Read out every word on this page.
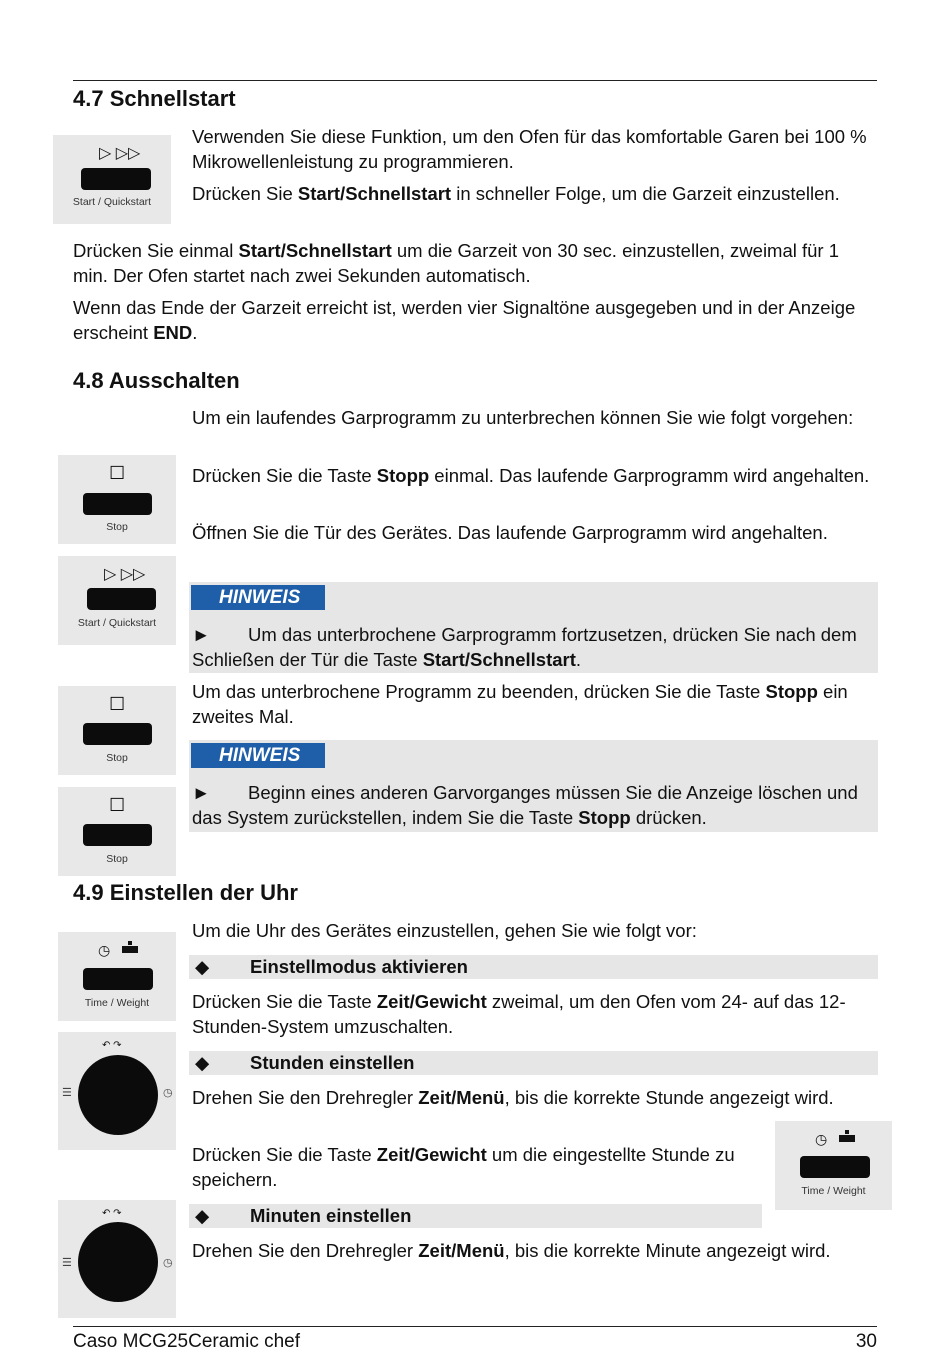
4.7 Schnellstart
▷ ▷▷
Start / Quickstart

Verwenden Sie diese Funktion, um den Ofen für das komfortable Garen bei 100 % Mikrowellenleistung zu programmieren.

Drücken Sie Start/Schnellstart in schneller Folge, um die Garzeit einzustellen.

Drücken Sie einmal Start/Schnellstart um die Garzeit von 30 sec. einzustellen, zweimal für 1 min. Der Ofen startet nach zwei Sekunden automatisch.

Wenn das Ende der Garzeit erreicht ist, werden vier Signaltöne ausgegeben und in der Anzeige erscheint END.

4.8 Ausschalten
☐
Stop
▷ ▷▷
Start / Quickstart
☐
Stop
☐
Stop

Um ein laufendes Garprogramm zu unterbrechen können Sie wie folgt vorgehen:

Drücken Sie die Taste Stopp einmal. Das laufende Garprogramm wird angehalten.

Öffnen Sie die Tür des Gerätes. Das laufende Garprogramm wird angehalten.

HINWEIS

► Um das unterbrochene Garprogramm fortzusetzen, drücken Sie nach dem Schließen der Tür die Taste Start/Schnellstart.

Um das unterbrochene Programm zu beenden, drücken Sie die Taste Stopp ein zweites Mal.

HINWEIS

► Beginn eines anderen Garvorganges müssen Sie die Anzeige löschen und das System zurückstellen, indem Sie die Taste Stopp drücken.

4.9 Einstellen der Uhr
◷
Time / Weight
↶ ↷
☰	◷
↶ ↷
☰	◷
◷
Time / Weight

Um die Uhr des Gerätes einzustellen, gehen Sie wie folgt vor:

◆ Einstellmodus aktivieren

Drücken Sie die Taste Zeit/Gewicht zweimal, um den Ofen vom 24- auf das 12-Stunden-System umzuschalten.

◆ Stunden einstellen

Drehen Sie den Drehregler Zeit/Menü, bis die korrekte Stunde angezeigt wird.

Drücken Sie die Taste Zeit/Gewicht um die eingestellte Stunde zu speichern.

◆ Minuten einstellen

Drehen Sie den Drehregler Zeit/Menü, bis die korrekte Minute angezeigt wird.

Caso MCG25Ceramic chef	30
